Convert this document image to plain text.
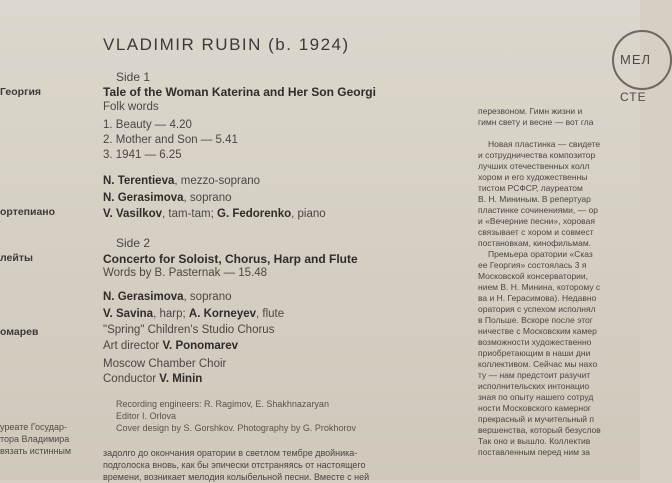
МЕЛ
СТЕ
VLADIMIR RUBIN (b. 1924)
Георгия
ортепиано
лейты
омарев
уреате Государ-
тора Владимира
вязать истинным
Side 1
Tale of the Woman Katerina and Her Son Georgi
Folk words
1. Beauty — 4.20
2. Mother and Son — 5.41
3. 1941 — 6.25
N. Terentieva, mezzo-soprano
N. Gerasimova, soprano
V. Vasilkov, tam-tam; G. Fedorenko, piano
Side 2
Concerto for Soloist, Chorus, Harp and Flute
Words by B. Pasternak — 15.48
N. Gerasimova, soprano
V. Savina, harp; A. Korneyev, flute
"Spring" Children's Studio Chorus
Art director V. Ponomarev
Moscow Chamber Choir
Conductor V. Minin
Recording engineers: R. Ragimov, E. Shakhnazaryan
Editor I. Orlova
Cover design by S. Gorshkov. Photography by G. Prokhorov
задолго до окончания оратории в светлом тембре двойника-
подголоска вновь, как бы эпически отстраняясь от настоящего
времени, возникает мелодия колыбельной песни. Вместе с ней
перезвоном. Гимн жизни и
гимн свету и весне — вот гла
Новая пластинка — свидете
и сотрудничества композитор
лучших отечественных колл
хором и его художественны
тистом РСФСР, лауреатом
В. Н. Мининым. В репертуар
пластинке сочинениями, — ор
и «Вечерние песни», хоровая
связывает с хором и совмест
постановкам, кинофильмам.
Премьера оратории «Сказ
ее Георгия» состоялась 3 я
Московской консерватории,
нием В. Н. Минина, которому с
ва и Н. Герасимова). Недавно
оратория с успехом исполнял
в Польше. Вскоре после этог
ничестве с Московским камер
возможности художественно
приобретающим в наши дни
коллективом. Сейчас мы нахо
ту — нам предстоит разучит
исполнительских интонацио
зная по опыту нашего сотруд
ности Московского камерног
прекрасный и мучительный п
вершенства, который безуслов
Так оно и вышло. Коллектив
поставленным перед ним за
